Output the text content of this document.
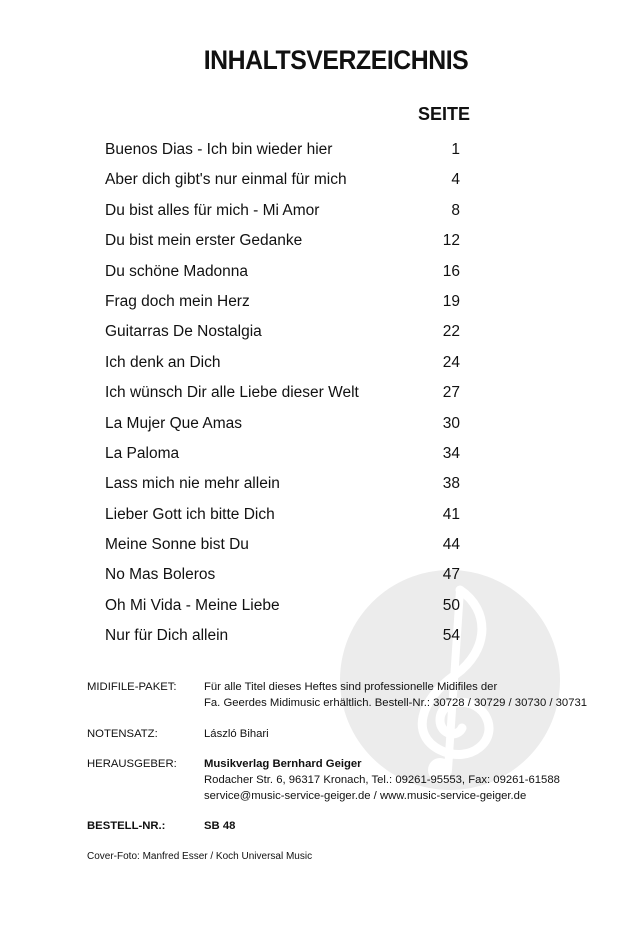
INHALTSVERZEICHNIS
SEITE
Buenos Dias - Ich bin wieder hier	1
Aber dich gibt's nur einmal für mich	4
Du bist alles für mich - Mi Amor	8
Du bist mein erster Gedanke	12
Du schöne Madonna	16
Frag doch mein Herz	19
Guitarras De Nostalgia	22
Ich denk an Dich	24
Ich wünsch Dir alle Liebe dieser Welt	27
La Mujer Que Amas	30
La Paloma	34
Lass mich nie mehr allein	38
Lieber Gott ich bitte Dich	41
Meine Sonne bist Du	44
No Mas Boleros	47
Oh Mi Vida - Meine Liebe	50
Nur für Dich allein	54
MIDIFILE-PAKET: Für alle Titel dieses Heftes sind professionelle Midifiles der
Fa. Geerdes Midimusic erhältlich. Bestell-Nr.: 30728 / 30729 / 30730 / 30731
NOTENSATZ:	László Bihari
HERAUSGEBER: Musikverlag Bernhard Geiger
Rodacher Str. 6, 96317 Kronach, Tel.: 09261-95553, Fax: 09261-61588
service@music-service-geiger.de / www.music-service-geiger.de
BESTELL-NR.:	SB 48
Cover-Foto: Manfred Esser / Koch Universal Music
